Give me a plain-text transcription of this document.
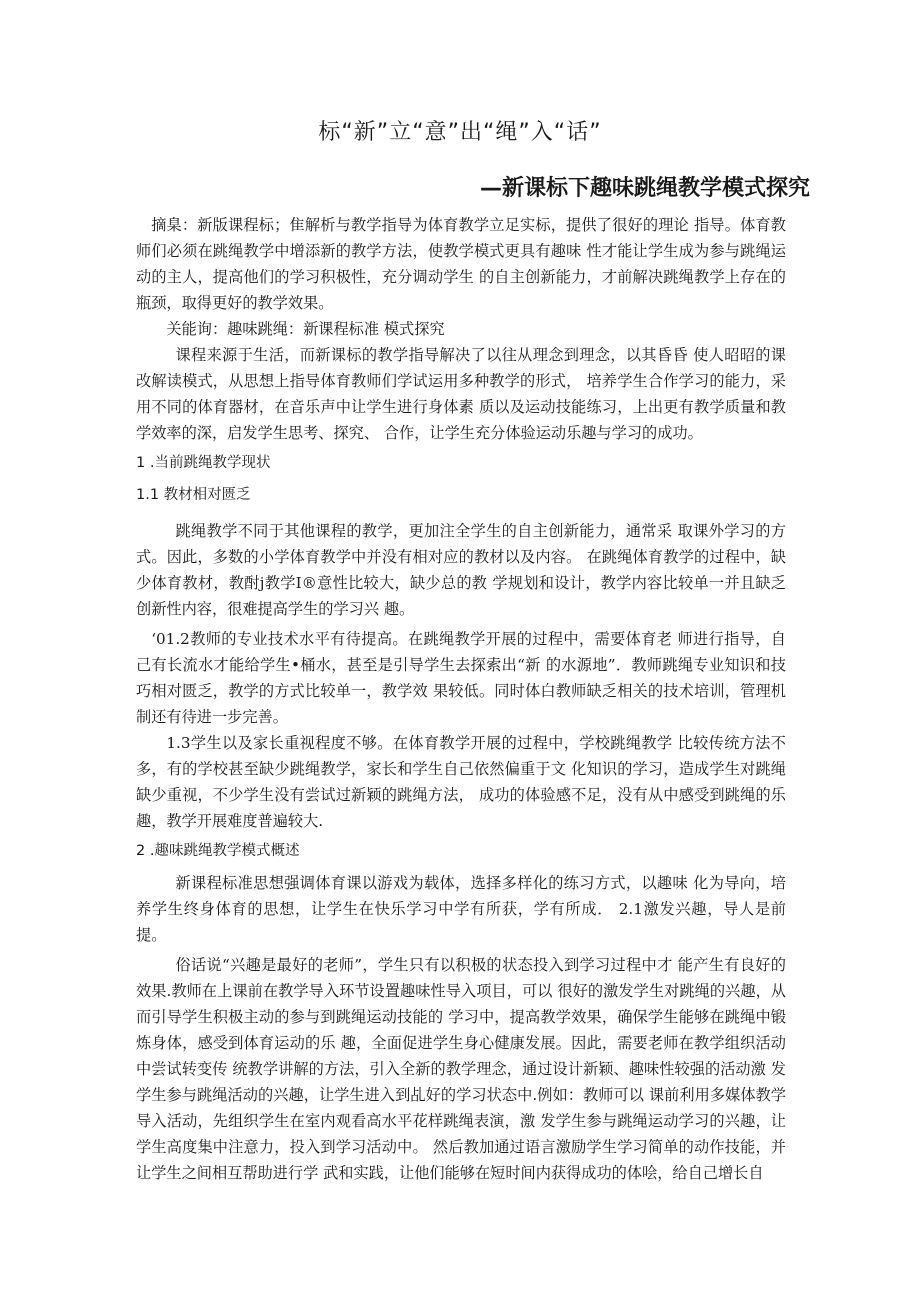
标“新”立“意”出“绳”入“话”
—新课标下趣味跳绳教学模式探究

摘臬：新版课程标；隹解析与教学指导为体育教学立足实标，提供了很好的理论 指导。体育教师们必须在跳绳教学中增添新的教学方法，使教学模式更具有趣味 性才能让学生成为参与跳绳运动的主人，提高他们的学习积极性，充分调动学生 的自主创新能力，才前解决跳绳教学上存在的瓶颈，取得更好的教学效果。

关能询：趣味跳绳：新课程标准 模式探究

课程来源于生活，而新课标的教学指导解决了以往从理念到理念，以其昏昏 使人昭昭的课改解读模式，从思想上指导体育教师们学试运用多种教学的形式， 培养学生合作学习的能力，采用不同的体育器材，在音乐声中让学生进行身体素 质以及运动技能练习，上出更有教学质量和教学效率的深，启发学生思考、探究、 合作，让学生充分体验运动乐趣与学习的成功。

1 .当前跳绳教学现状

1.1 教材相对匮乏

跳绳教学不同于其他课程的教学，更加注全学生的自主创新能力，通常采 取课外学习的方式。因此，多数的小学体育教学中并没有相对应的教材以及内容。 在跳绳体育教学的过程中，缺少体育教材，教酎j教学I®意性比较大，缺少总的教 学规划和设计，教学内容比较单一并且缺乏创新性内容，很难提高学生的学习兴 趣。

‘01.2教师的专业技术水平有待提高。在跳绳教学开展的过程中，需要体育老 师进行指导，自己有长流水才能给学生•桶水，甚至是引导学生去探索出“新 的水源地”．教师跳绳专业知识和技巧相对匮乏，教学的方式比较单一，教学效 果较低。同时体白教师缺乏相关的技术培训，管理机制还有待进一步完善。

1.3学生以及家长重视程度不够。在体育教学开展的过程中，学校跳绳教学 比较传统方法不多，有的学校甚至缺少跳绳教学，家长和学生自己依然偏重于文 化知识的学习，造成学生对跳绳缺少重视，不少学生没有尝试过新颖的跳绳方法， 成功的体验感不足，没有从中感受到跳绳的乐趣，教学开展难度普遍较大.

2 .趣味跳绳教学模式概述

新课程标准思想强调体育课以游戏为载体，选择多样化的练习方式，以趣味 化为导向，培养学生终身体育的思想，让学生在快乐学习中学有所获，学有所成． 2.1激发兴趣，导人是前提。

俗话说“兴趣是最好的老师”，学生只有以积极的状态投入到学习过程中才 能产生有良好的效果.教师在上课前在教学导入环节设置趣味性导入项目，可以 很好的激发学生对跳绳的兴趣，从而引导学生积极主动的参与到跳绳运动技能的 学习中，提高教学效果，确保学生能够在跳绳中锻炼身体，感受到体育运动的乐 趣，全面促进学生身心健康发展。因此，需要老师在教学组织活动中尝试转变传 统教学讲解的方法，引入全新的教学理念，通过设计新颖、趣味性较强的活动激 发学生参与跳绳活动的兴趣，让学生进入到乩好的学习状态中.例如：教师可以 课前利用多媒体教学导入活动，先组织学生在室内观看高水平花样跳绳表演，激 发学生参与跳绳运动学习的兴趣，让学生高度集中注意力，投入到学习活动中。 然后教加通过语言激励学生学习简单的动作技能，并让学生之间相互帮助进行学 武和实践，让他们能够在短时间内获得成功的体哙，给自己增长自
